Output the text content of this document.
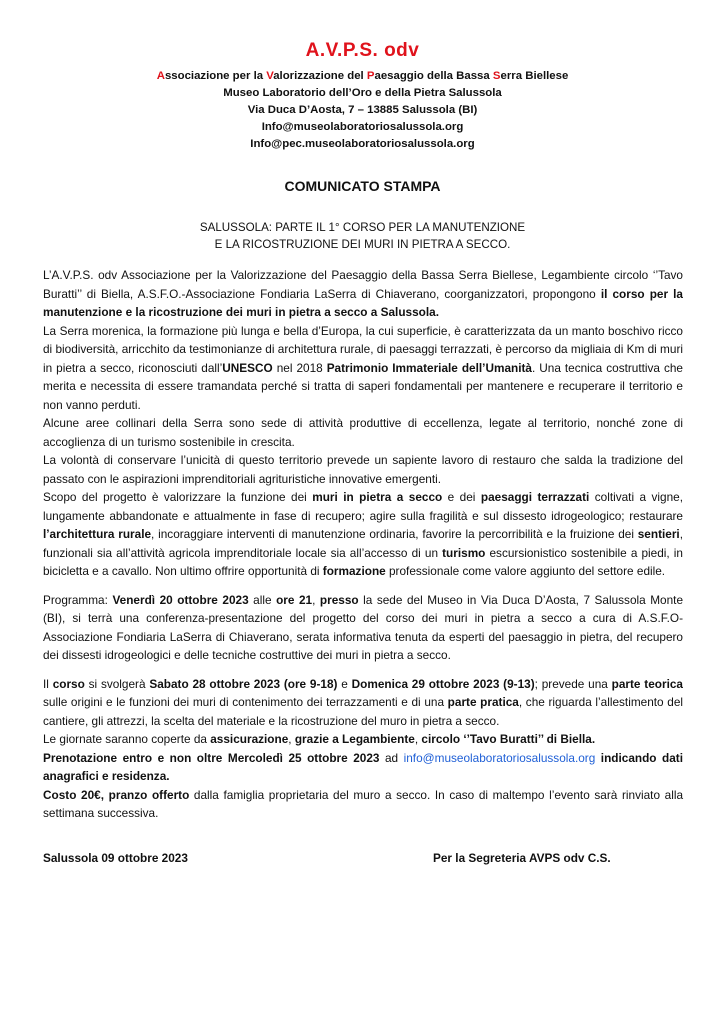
A.V.P.S. odv
Associazione per la Valorizzazione del Paesaggio della Bassa Serra Biellese
Museo Laboratorio dell’Oro e della Pietra Salussola
Via Duca D’Aosta, 7 – 13885 Salussola (BI)
Info@museolaboratoriosalussola.org
Info@pec.museolaboratoriosalussola.org
COMUNICATO STAMPA
SALUSSOLA: PARTE IL 1° CORSO PER LA MANUTENZIONE
E LA RICOSTRUZIONE DEI MURI IN PIETRA A SECCO.

L’A.V.P.S. odv Associazione per la Valorizzazione del Paesaggio della Bassa Serra Biellese, Legambiente circolo ‘’Tavo Buratti’’ di Biella, A.S.F.O.-Associazione Fondiaria LaSerra di Chiaverano, coorganizzatori, propongono il corso per la manutenzione e la ricostruzione dei muri in pietra a secco a Salussola.
La Serra morenica, la formazione più lunga e bella d’Europa, la cui superficie, è caratterizzata da un manto boschivo ricco di biodiversità, arricchito da testimonianze di architettura rurale, di paesaggi terrazzati, è percorso da migliaia di Km di muri in pietra a secco, riconosciuti dall’UNESCO nel 2018 Patrimonio Immateriale dell’Umanità. Una tecnica costruttiva che merita e necessita di essere tramandata perché si tratta di saperi fondamentali per mantenere e recuperare il territorio e non vanno perduti.
Alcune aree collinari della Serra sono sede di attività produttive di eccellenza, legate al territorio, nonché zone di accoglienza di un turismo sostenibile in crescita.
La volontà di conservare l’unicità di questo territorio prevede un sapiente lavoro di restauro che salda la tradizione del passato con le aspirazioni imprenditoriali agrituristiche innovative emergenti.
Scopo del progetto è valorizzare la funzione dei muri in pietra a secco e dei paesaggi terrazzati coltivati a vigne, lungamente abbandonate e attualmente in fase di recupero; agire sulla fragilità e sul dissesto idrogeologico; restaurare l’architettura rurale, incoraggiare interventi di manutenzione ordinaria, favorire la percorribilità e la fruizione dei sentieri, funzionali sia all’attività agricola imprenditoriale locale sia all’accesso di un turismo escursionistico sostenibile a piedi, in bicicletta e a cavallo. Non ultimo offrire opportunità di formazione professionale come valore aggiunto del settore edile.

Programma: Venerdì 20 ottobre 2023 alle ore 21, presso la sede del Museo in Via Duca D’Aosta, 7 Salussola Monte (BI), si terrà una conferenza-presentazione del progetto del corso dei muri in pietra a secco a cura di A.S.F.O-Associazione Fondiaria LaSerra di Chiaverano, serata informativa tenuta da esperti del paesaggio in pietra, del recupero dei dissesti idrogeologici e delle tecniche costruttive dei muri in pietra a secco.

Il corso si svolgerà Sabato 28 ottobre 2023 (ore 9-18) e Domenica 29 ottobre 2023 (9-13); prevede una parte teorica sulle origini e le funzioni dei muri di contenimento dei terrazzamenti e di una parte pratica, che riguarda l’allestimento del cantiere, gli attrezzi, la scelta del materiale e la ricostruzione del muro in pietra a secco.
Le giornate saranno coperte da assicurazione, grazie a Legambiente, circolo ‘’Tavo Buratti’’ di Biella.
Prenotazione entro e non oltre Mercoledì 25 ottobre 2023 ad info@museolaboratoriosalussola.org indicando dati anagrafici e residenza.
Costo 20€, pranzo offerto dalla famiglia proprietaria del muro a secco. In caso di maltempo l’evento sarà rinviato alla settimana successiva.

Salussola 09 ottobre 2023	Per la Segreteria AVPS odv C.S.
